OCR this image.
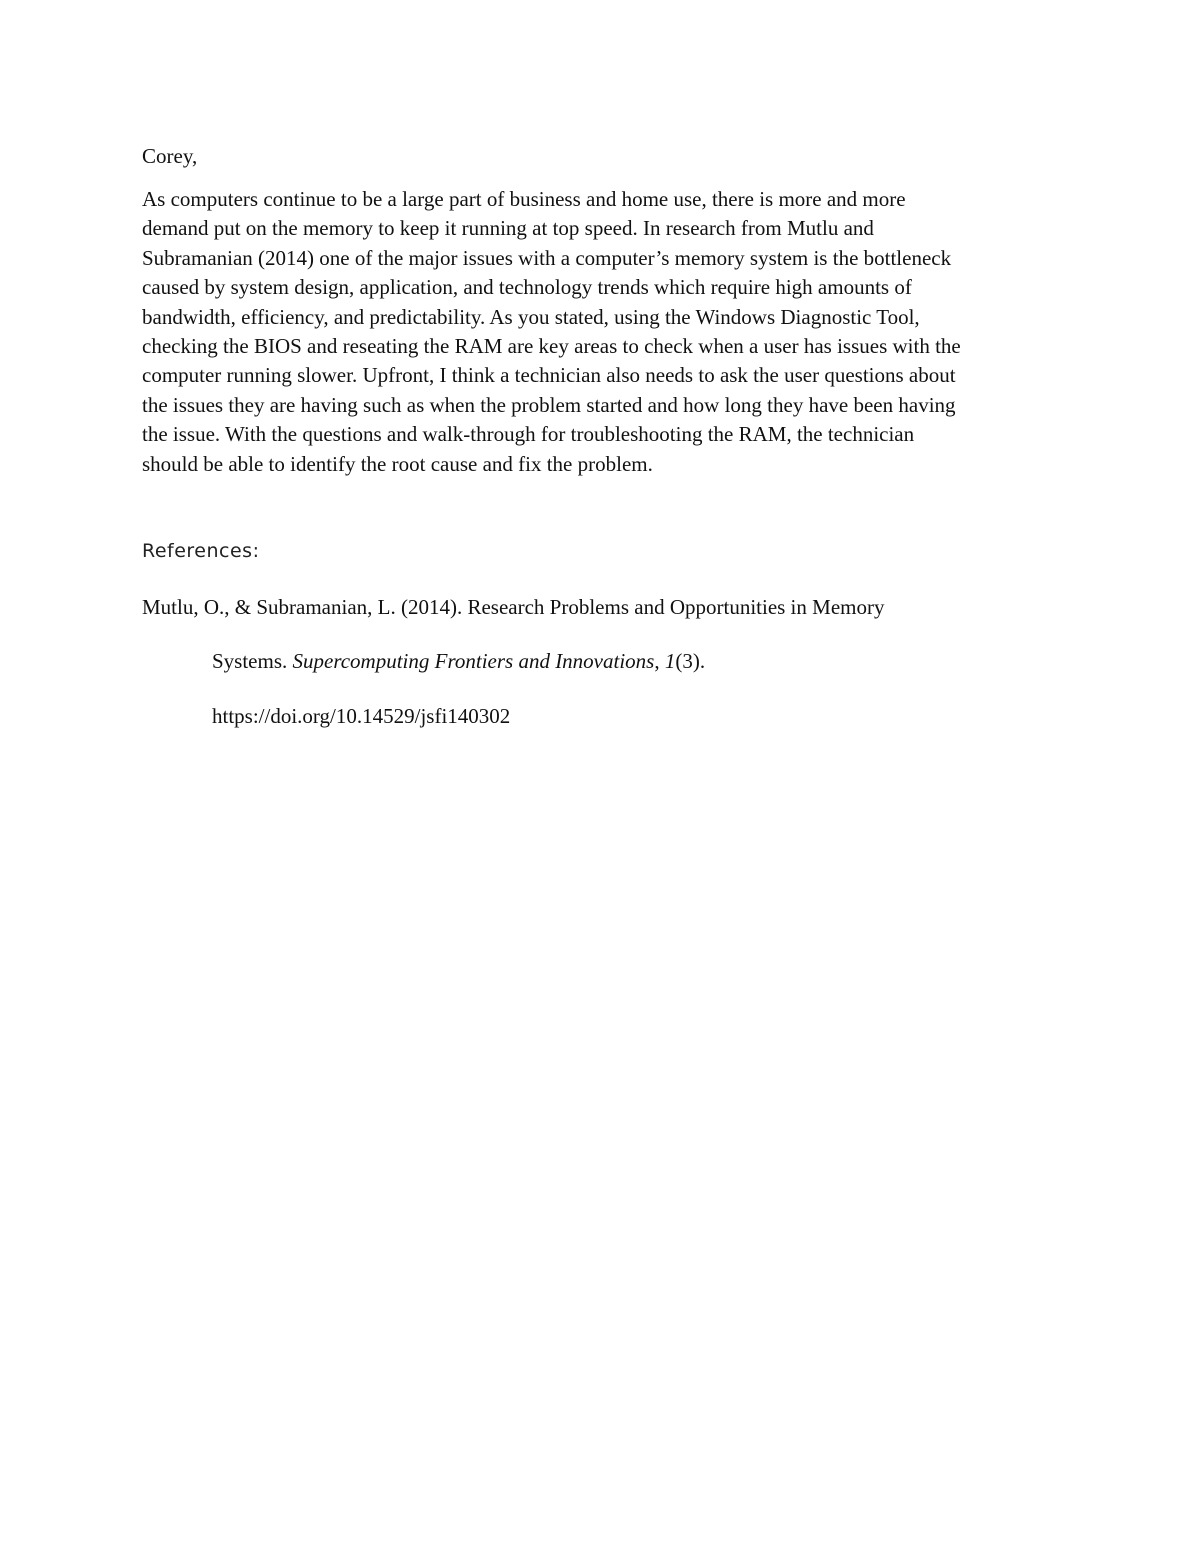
Corey,

As computers continue to be a large part of business and home use, there is more and more
demand put on the memory to keep it running at top speed. In research from Mutlu and
Subramanian (2014) one of the major issues with a computer’s memory system is the bottleneck
caused by system design, application, and technology trends which require high amounts of
bandwidth, efficiency, and predictability. As you stated, using the Windows Diagnostic Tool,
checking the BIOS and reseating the RAM are key areas to check when a user has issues with the
computer running slower. Upfront, I think a technician also needs to ask the user questions about
the issues they are having such as when the problem started and how long they have been having
the issue. With the questions and walk-through for troubleshooting the RAM, the technician
should be able to identify the root cause and fix the problem.

References:

Mutlu, O., & Subramanian, L. (2014). Research Problems and Opportunities in Memory

Systems. Supercomputing Frontiers and Innovations, 1(3).

https://doi.org/10.14529/jsfi140302
